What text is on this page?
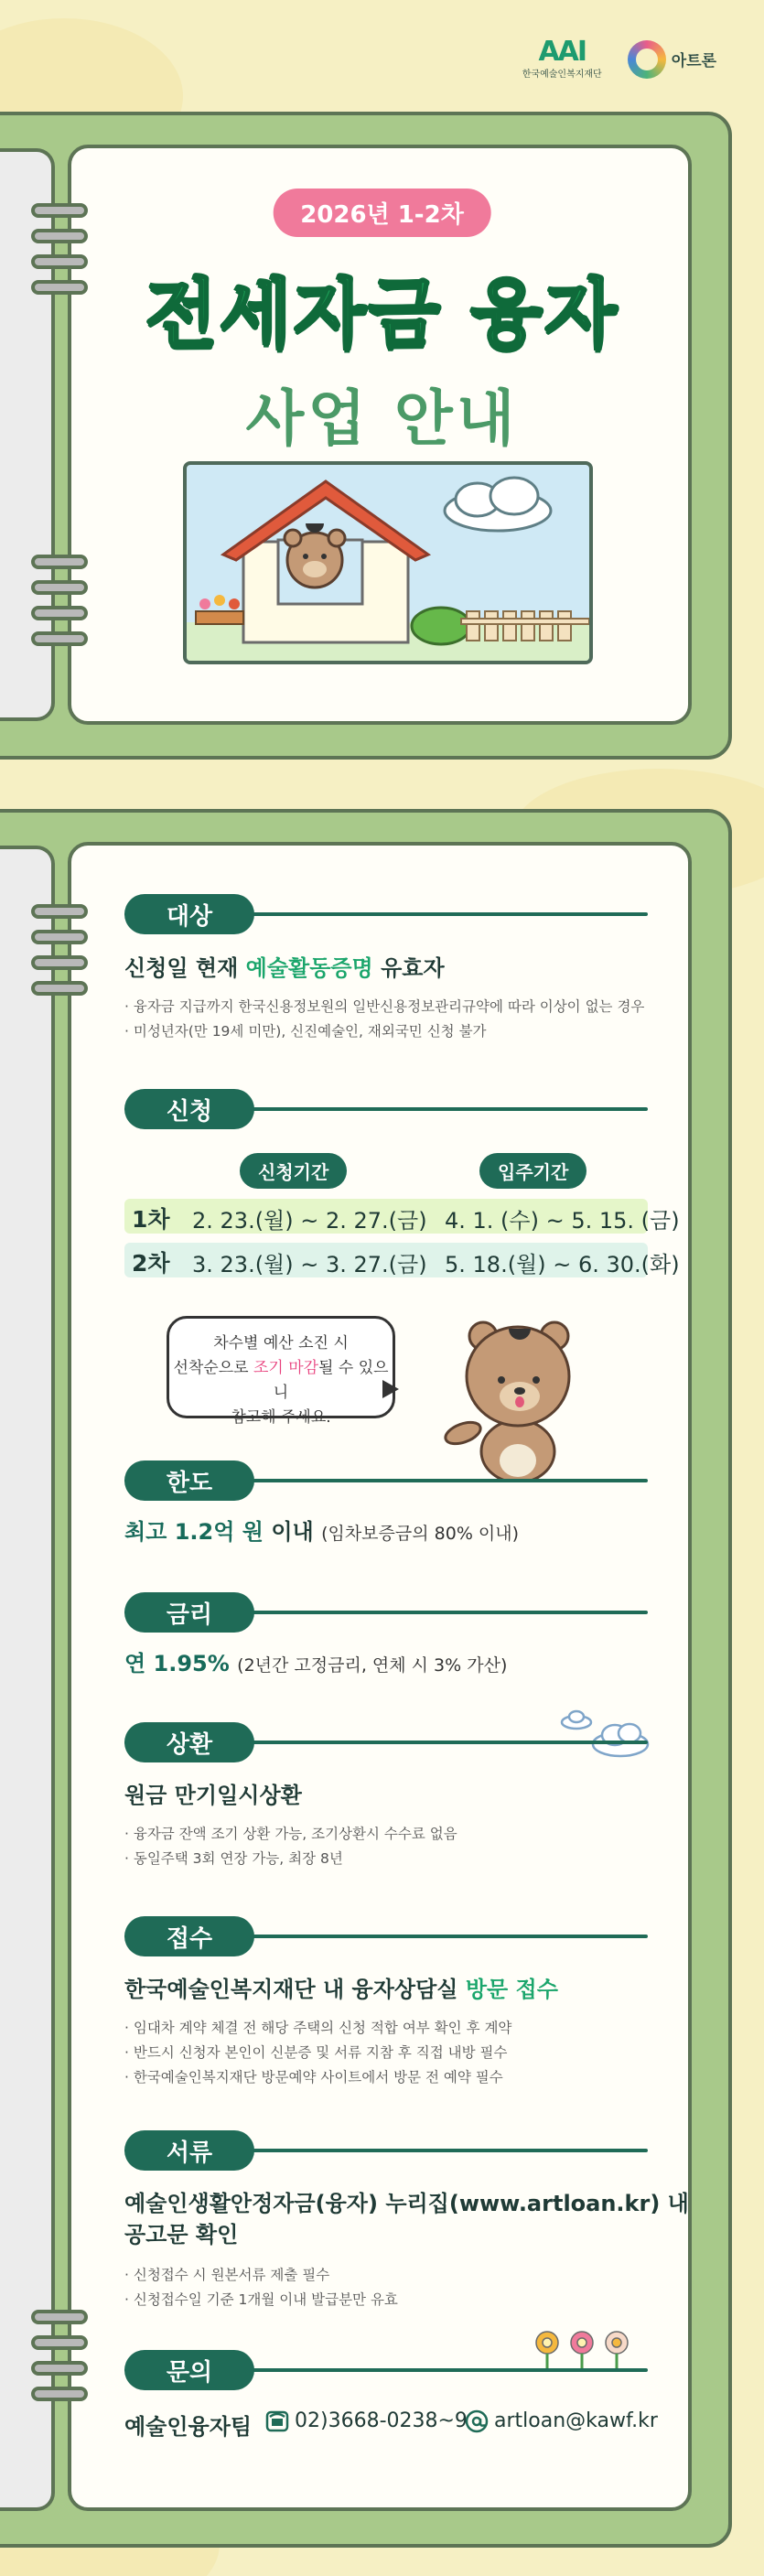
AAI
한국예술인복지재단
아트론
2026년 1-2차
전세자금 융자
사업 안내
대상
신청일 현재 예술활동증명 유효자
· 융자금 지급까지 한국신용정보원의 일반신용정보관리규약에 따라 이상이 없는 경우
· 미성년자(만 19세 미만), 신진예술인, 재외국민 신청 불가
신청
신청기간	입주기간
1차 2. 23.(월) ~ 2. 27.(금) 4. 1. (수) ~ 5. 15. (금)
2차 3. 23.(월) ~ 3. 27.(금) 5. 18.(월) ~ 6. 30.(화)
차수별 예산 소진 시
선착순으로 조기 마감될 수 있으니
참고해 주세요.
한도
최고 1.2억 원 이내 (임차보증금의 80% 이내)
금리
연 1.95% (2년간 고정금리, 연체 시 3% 가산)
상환
원금 만기일시상환
· 융자금 잔액 조기 상환 가능, 조기상환시 수수료 없음
· 동일주택 3회 연장 가능, 최장 8년
접수
한국예술인복지재단 내 융자상담실 방문 접수
· 임대차 계약 체결 전 해당 주택의 신청 적합 여부 확인 후 계약
· 반드시 신청자 본인이 신분증 및 서류 지참 후 직접 내방 필수
· 한국예술인복지재단 방문예약 사이트에서 방문 전 예약 필수
서류
예술인생활안정자금(융자) 누리집(www.artloan.kr) 내
공고문 확인
· 신청접수 시 원본서류 제출 필수
· 신청접수일 기준 1개월 이내 발급분만 유효
문의
예술인융자팀 02)3668-0238~9 artloan@kawf.kr
